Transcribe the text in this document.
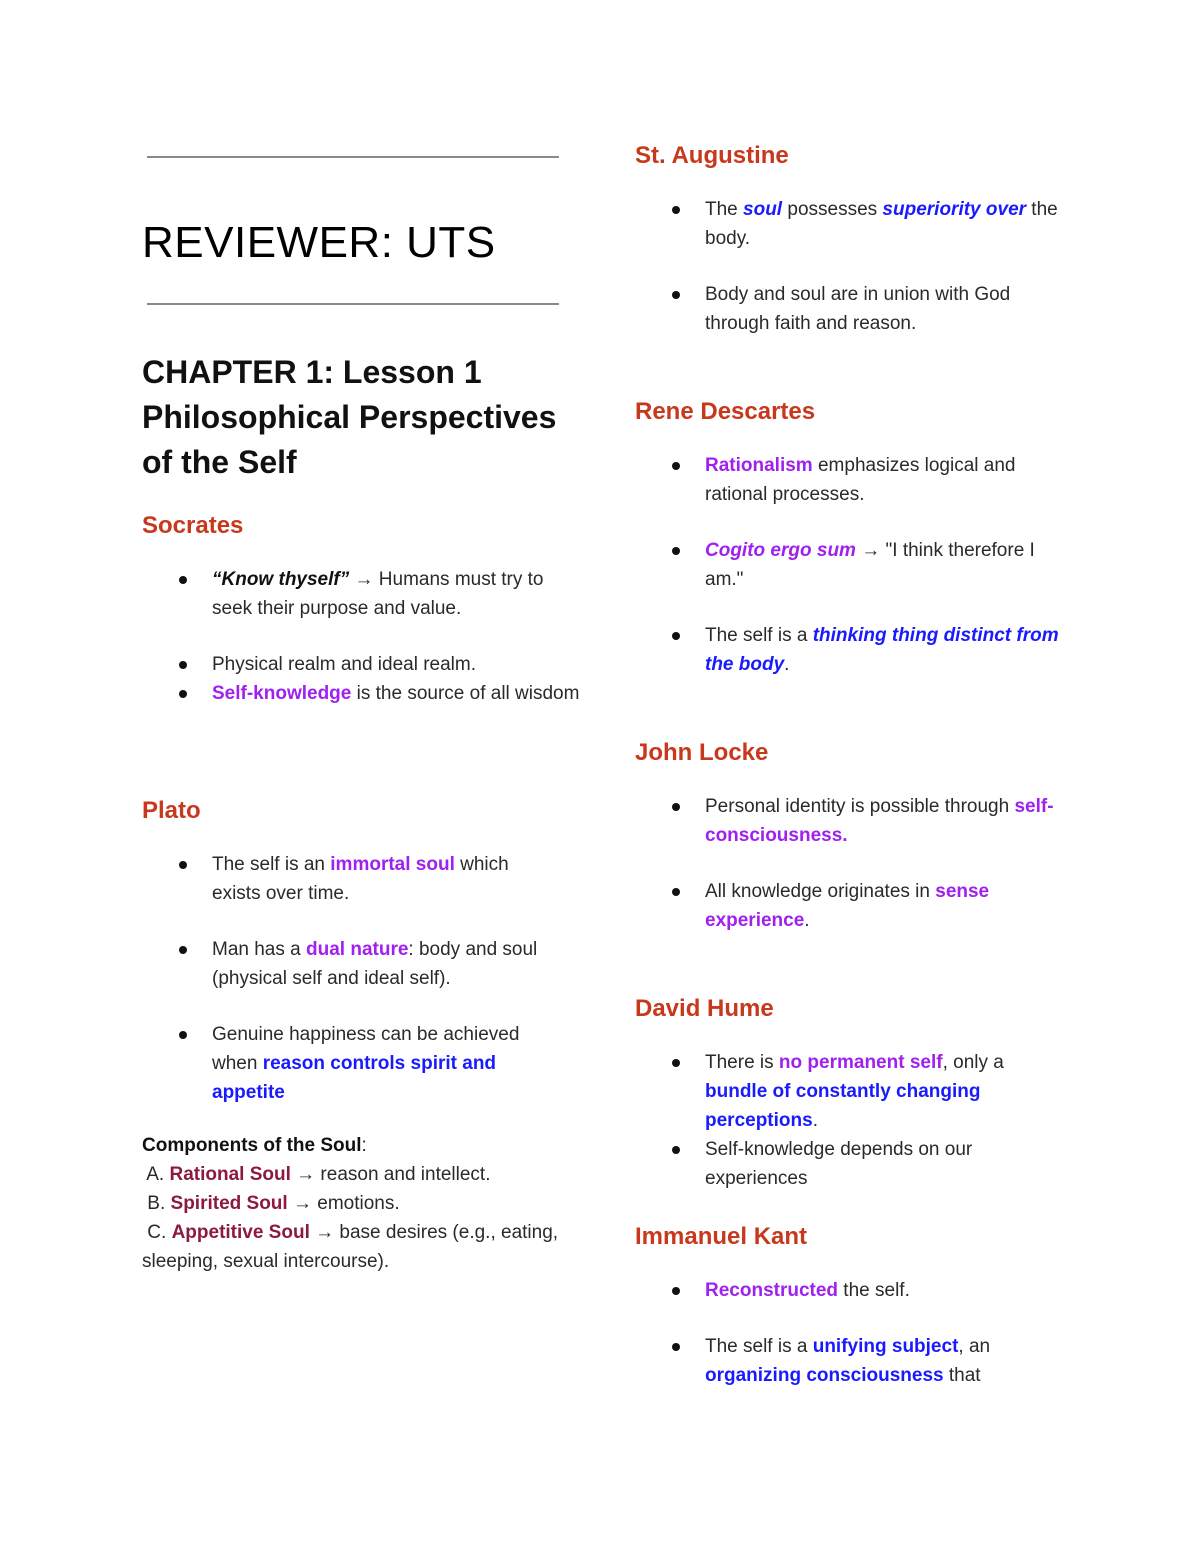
REVIEWER: UTS
CHAPTER 1: Lesson 1 Philosophical Perspectives of the Self
Socrates
“Know thyself” → Humans must try to seek their purpose and value.
Physical realm and ideal realm.
Self-knowledge is the source of all wisdom
Plato
The self is an immortal soul which exists over time.
Man has a dual nature: body and soul (physical self and ideal self).
Genuine happiness can be achieved when reason controls spirit and appetite
Components of the Soul:
A. Rational Soul → reason and intellect.
B. Spirited Soul → emotions.
C. Appetitive Soul → base desires (e.g., eating, sleeping, sexual intercourse).
St. Augustine
The soul possesses superiority over the body.
Body and soul are in union with God through faith and reason.
Rene Descartes
Rationalism emphasizes logical and rational processes.
Cogito ergo sum → "I think therefore I am."
The self is a thinking thing distinct from the body.
John Locke
Personal identity is possible through self-consciousness.
All knowledge originates in sense experience.
David Hume
There is no permanent self, only a bundle of constantly changing perceptions.
Self-knowledge depends on our experiences
Immanuel Kant
Reconstructed the self.
The self is a unifying subject, an organizing consciousness that
